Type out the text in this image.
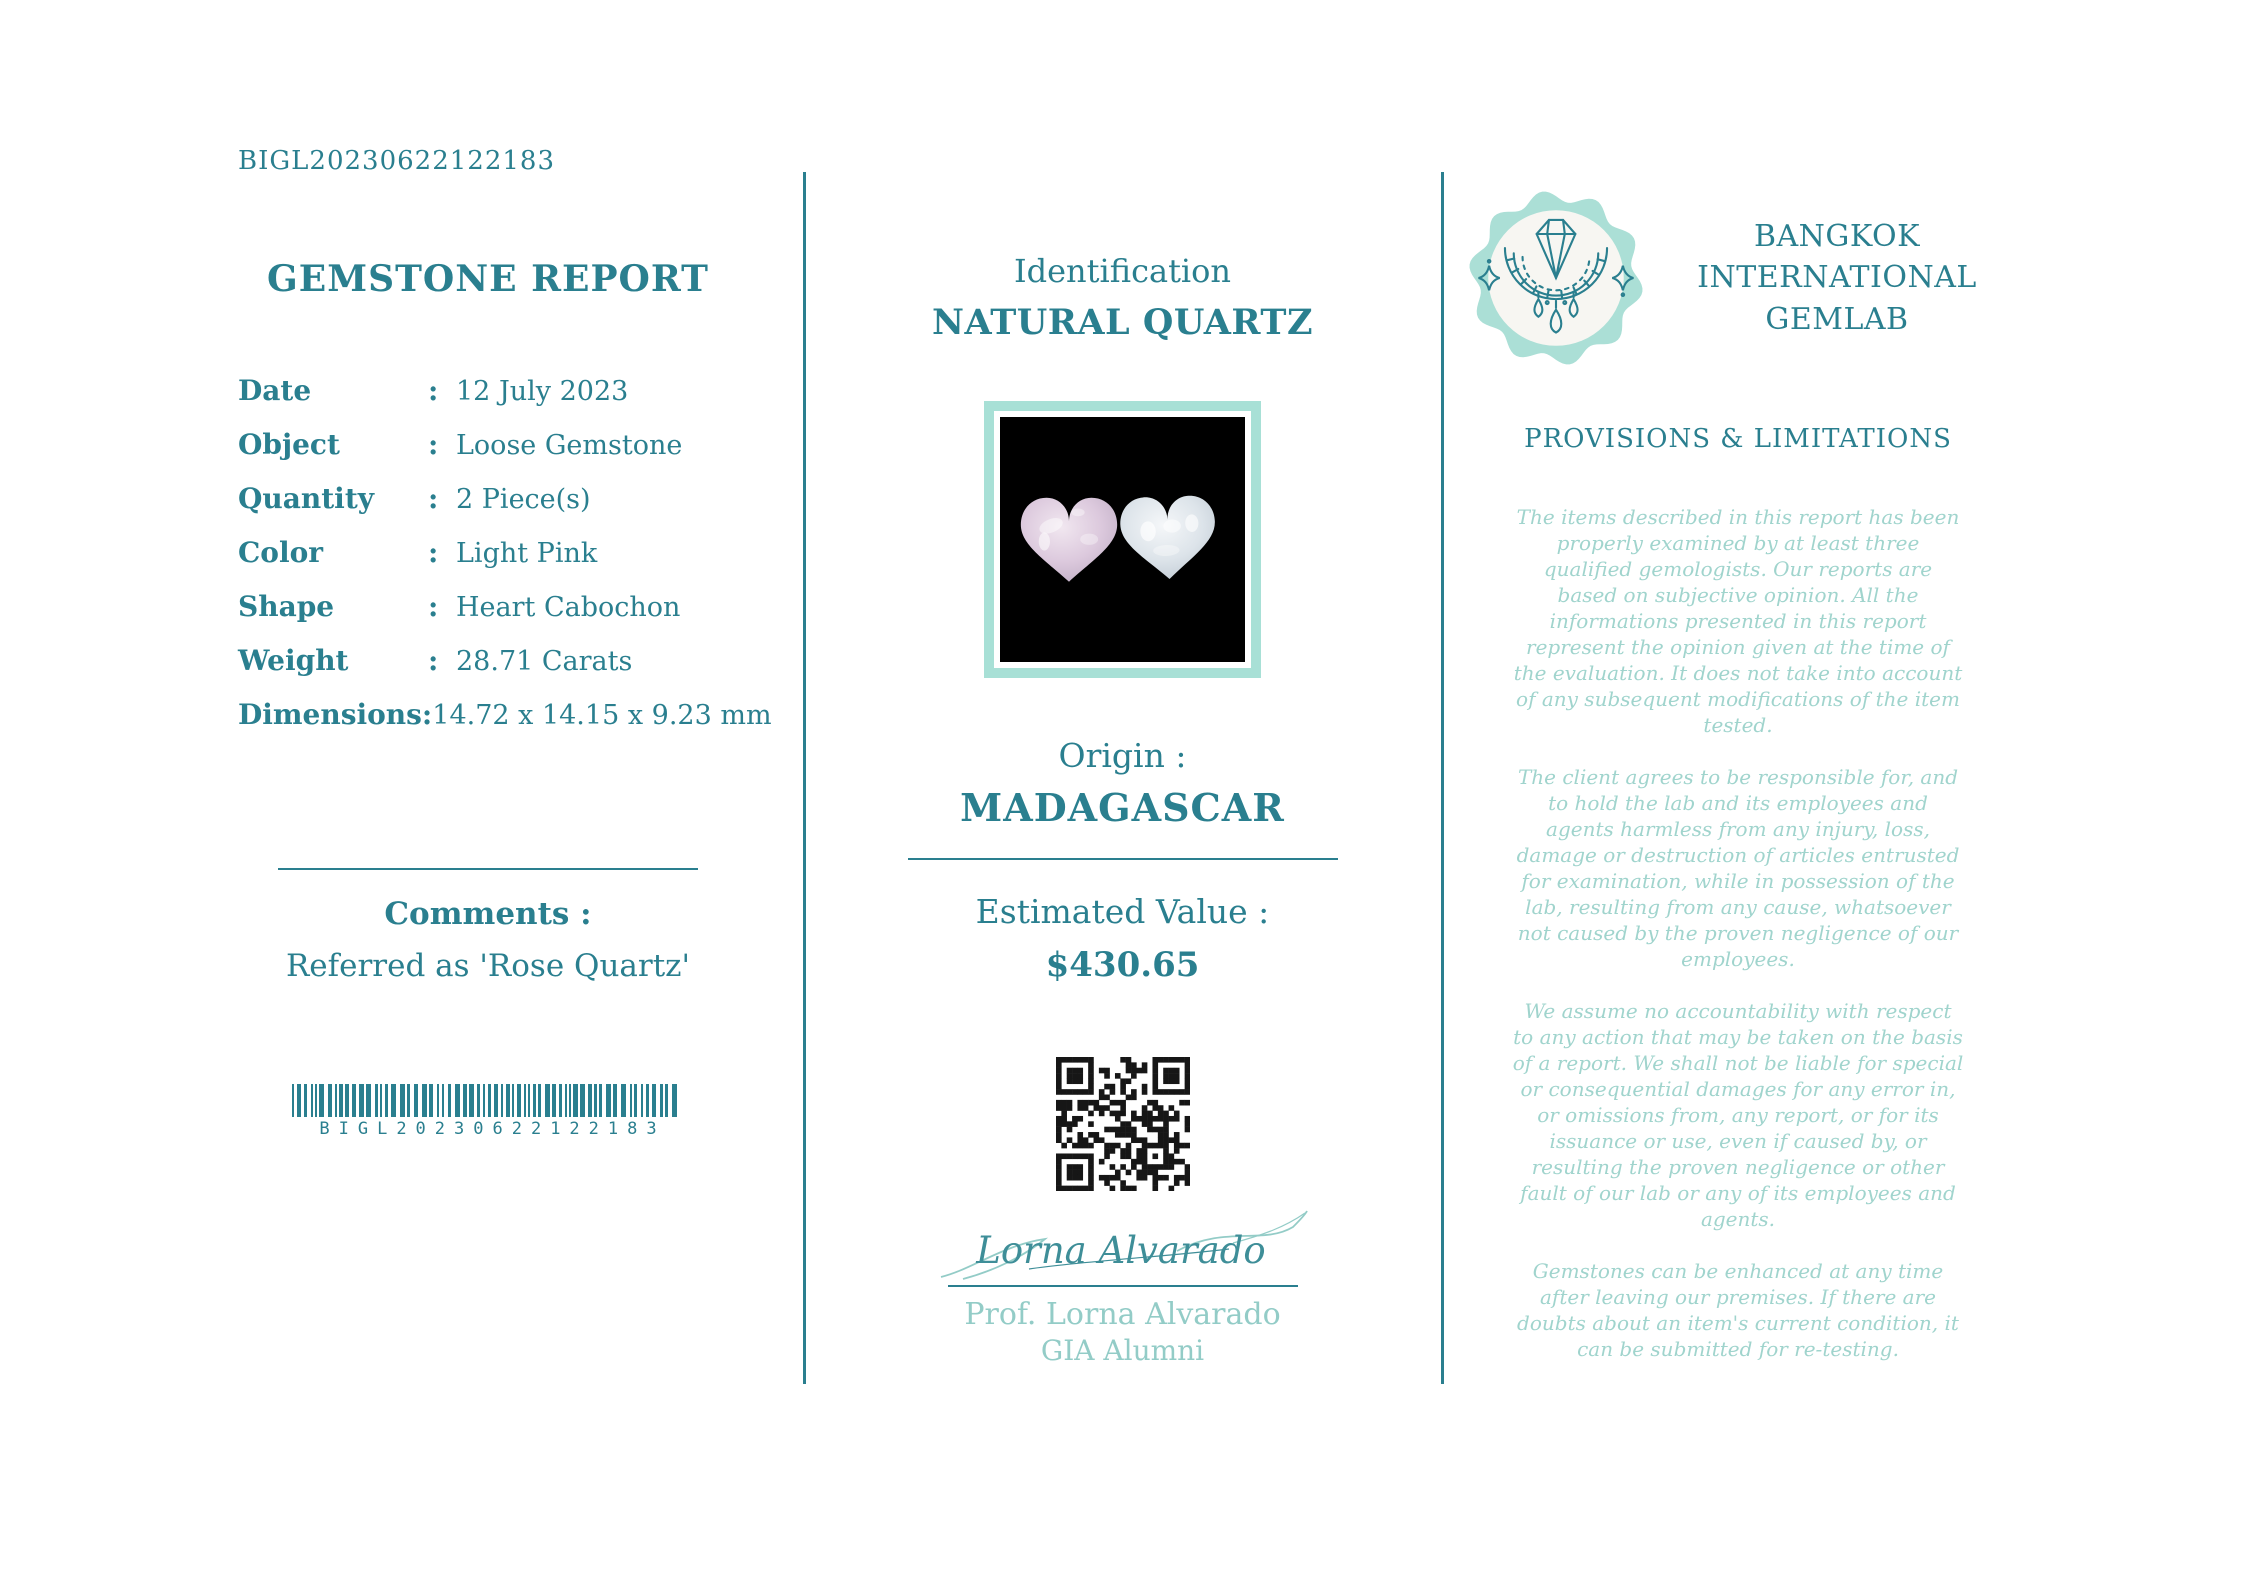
BIGL20230622122183
GEMSTONE REPORT
Date	: 12 July 2023
Object	: Loose Gemstone
Quantity	: 2 Piece(s)
Color	: Light Pink
Shape	: Heart Cabochon
Weight	: 28.71 Carats
Dimensions : 14.72 x 14.15 x 9.23 mm
Comments :
Referred as 'Rose Quartz'
BIGL20230622122183
Identification
NATURAL QUARTZ
Origin :
MADAGASCAR
Estimated Value :
$430.65
Lorna Alvarado
Prof. Lorna Alvarado
GIA Alumni
BANGKOK INTERNATIONAL GEMLAB
PROVISIONS & LIMITATIONS

The items described in this report has been properly examined by at least three qualified gemologists. Our reports are based on subjective opinion. All the informations presented in this report represent the opinion given at the time of the evaluation. It does not take into account of any subsequent modifications of the item tested.

The client agrees to be responsible for, and to hold the lab and its employees and agents harmless from any injury, loss, damage or destruction of articles entrusted for examination, while in possession of the lab, resulting from any cause, whatsoever not caused by the proven negligence of our employees.

We assume no accountability with respect to any action that may be taken on the basis of a report. We shall not be liable for special or consequential damages for any error in, or omissions from, any report, or for its issuance or use, even if caused by, or resulting the proven negligence or other fault of our lab or any of its employees and agents.

Gemstones can be enhanced at any time after leaving our premises. If there are doubts about an item's current condition, it can be submitted for re-testing.
